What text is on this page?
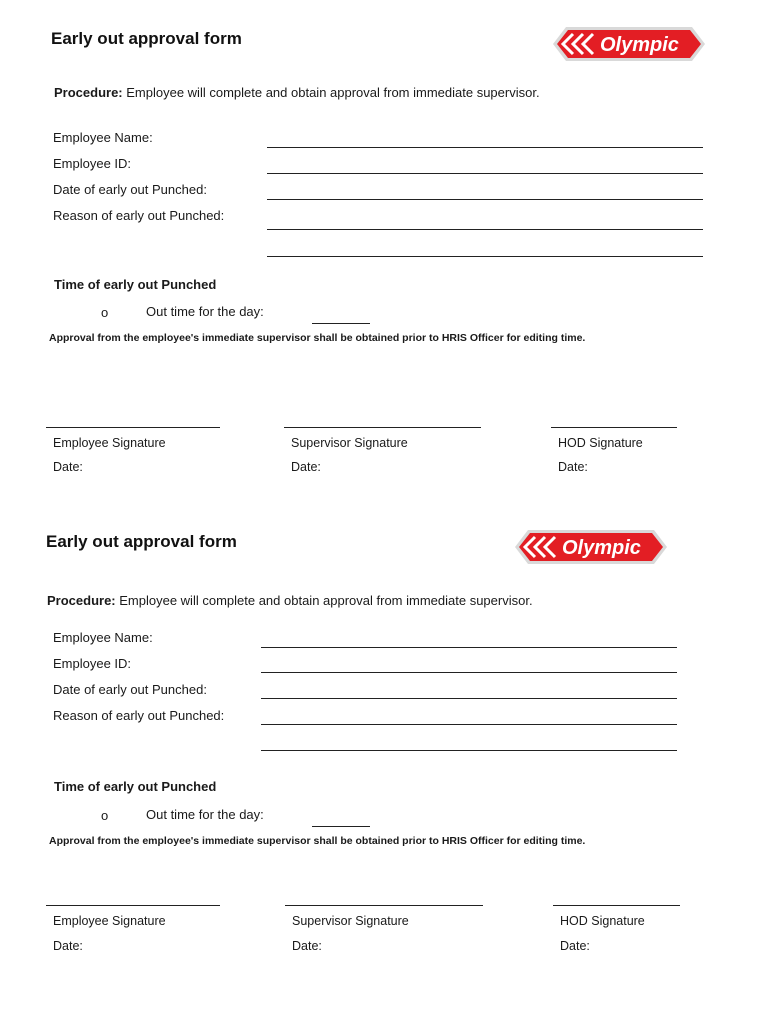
Early out approval form	Olympic
Procedure: Employee will complete and obtain approval from immediate supervisor.
Employee Name:
Employee ID:
Date of early out Punched:
Reason of early out Punched:
Time of early out Punched
o	Out time for the day:
Approval from the employee's immediate supervisor shall be obtained prior to HRIS Officer for editing time.
Employee Signature	Supervisor Signature	HOD Signature
Date:	Date:	Date:
Early out approval form	Olympic
Procedure: Employee will complete and obtain approval from immediate supervisor.
Employee Name:
Employee ID:
Date of early out Punched:
Reason of early out Punched:
Time of early out Punched
o	Out time for the day:
Approval from the employee's immediate supervisor shall be obtained prior to HRIS Officer for editing time.
Employee Signature	Supervisor Signature	HOD Signature
Date:	Date:	Date:
